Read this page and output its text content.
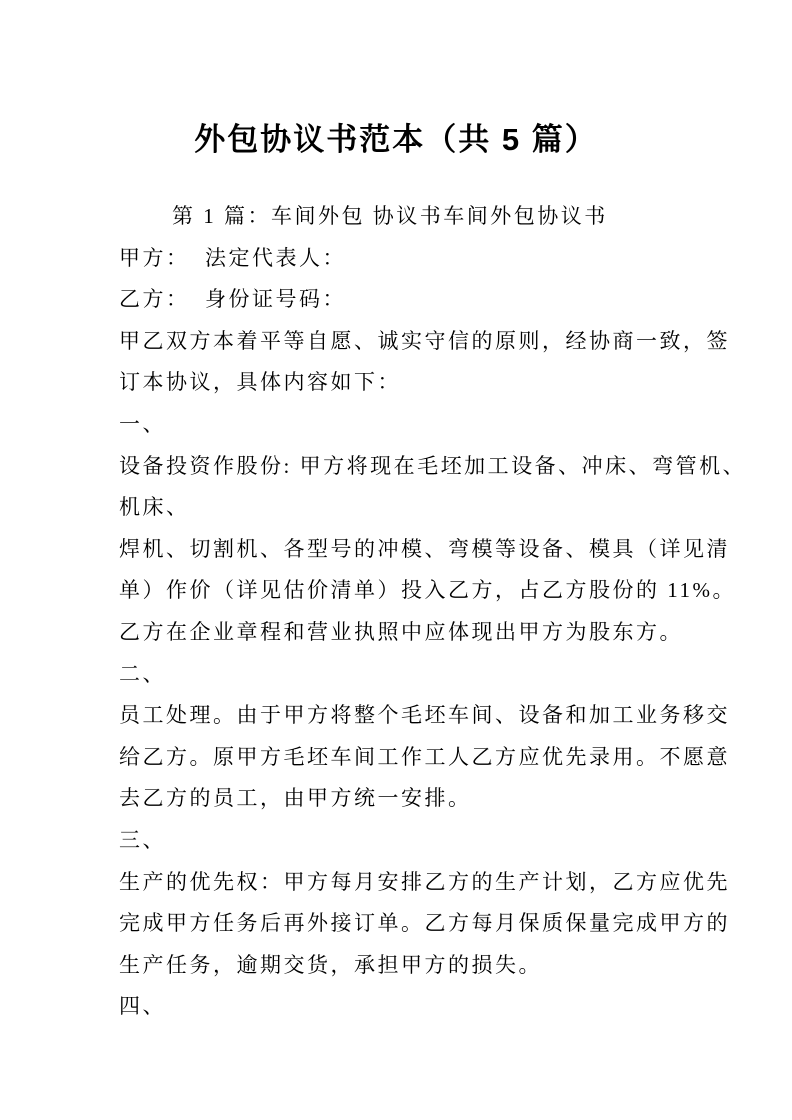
外包协议书范本（共 5 篇）
第 1 篇：车间外包 协议书车间外包协议书
甲方：  法定代表人：
乙方：  身份证号码：
甲乙双方本着平等自愿、诚实守信的原则，经协商一致，签
订本协议，具体内容如下：
一、
设备投资作股份: 甲方将现在毛坯加工设备、冲床、弯管机、
机床、
焊机、切割机、各型号的冲模、弯模等设备、模具（详见清
单）作价（详见估价清单）投入乙方，占乙方股份的 11%。
乙方在企业章程和营业执照中应体现出甲方为股东方。
二、
员工处理。由于甲方将整个毛坯车间、设备和加工业务移交
给乙方。原甲方毛坯车间工作工人乙方应优先录用。不愿意
去乙方的员工，由甲方统一安排。
三、
生产的优先权：甲方每月安排乙方的生产计划，乙方应优先
完成甲方任务后再外接订单。乙方每月保质保量完成甲方的
生产任务，逾期交货，承担甲方的损失。
四、
